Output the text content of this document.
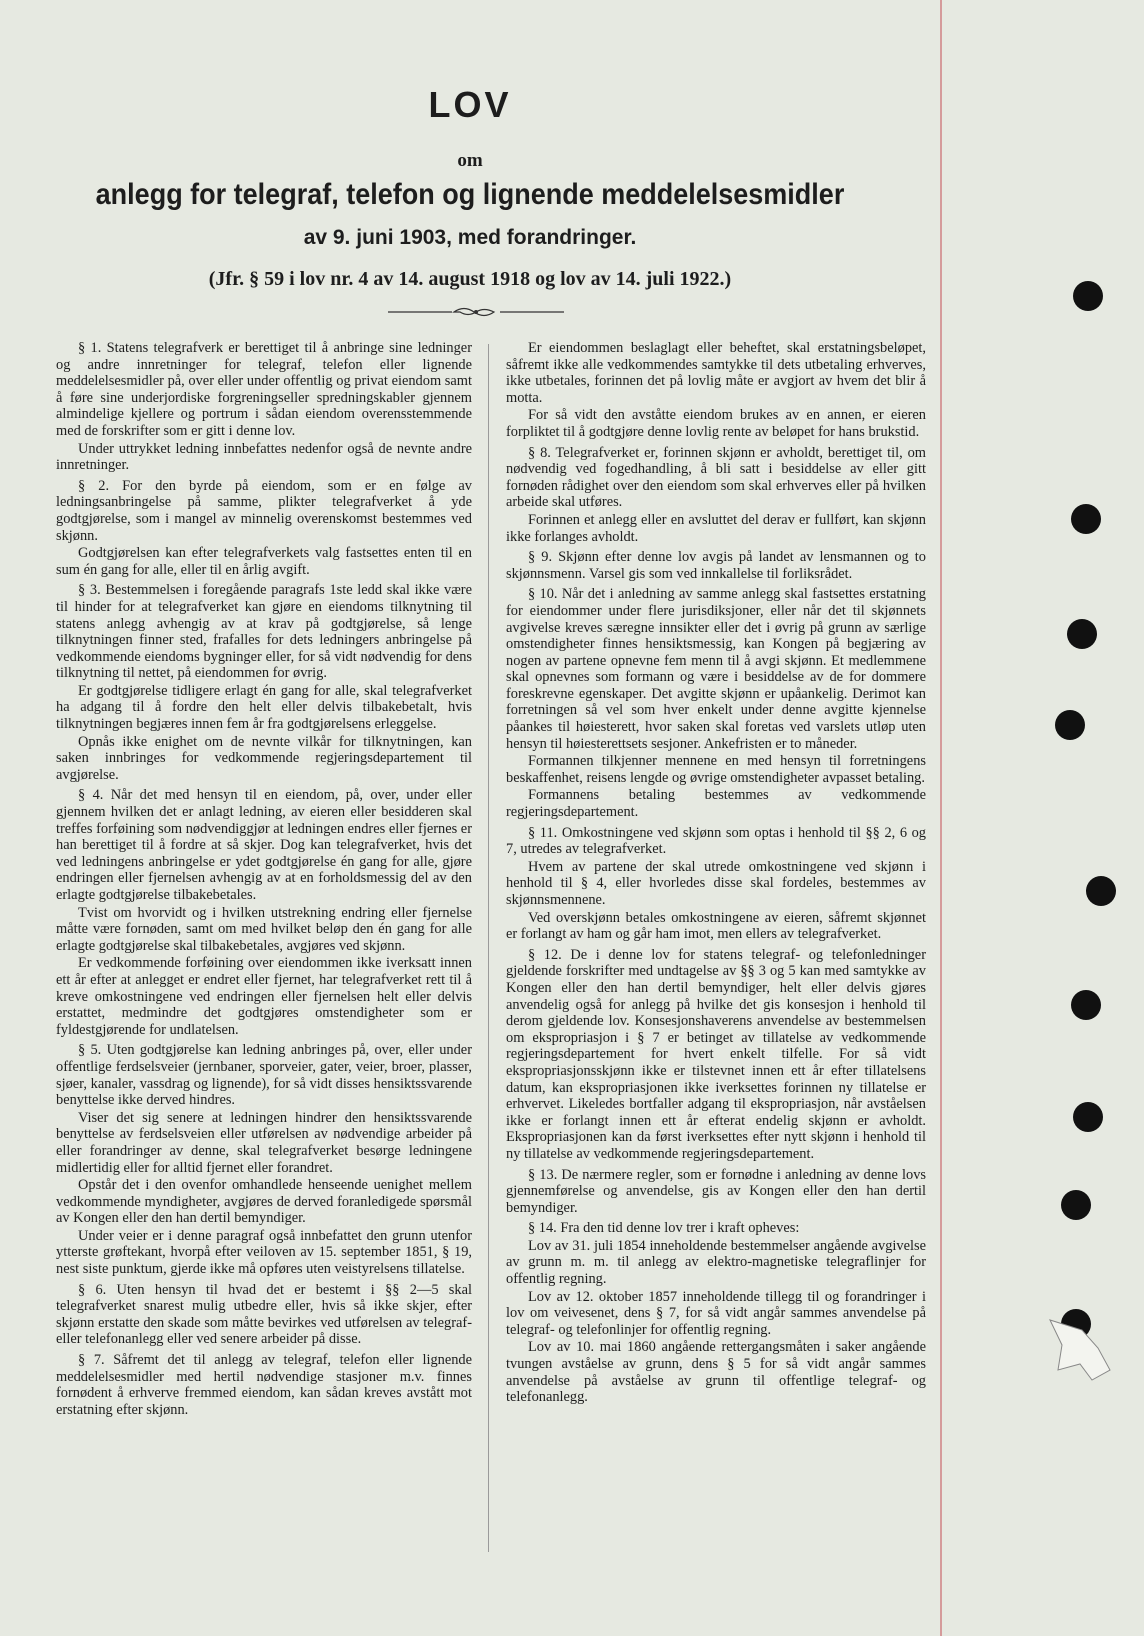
LOV
om
anlegg for telegraf, telefon og lignende meddelelsesmidler
av 9. juni 1903, med forandringer.
(Jfr. § 59 i lov nr. 4 av 14. august 1918 og lov av 14. juli 1922.)

§ 1. Statens telegrafverk er berettiget til å anbringe sine ledninger og andre innretninger for telegraf, telefon eller lignende meddelelsesmidler på, over eller under offentlig og privat eiendom samt å føre sine underjordiske forgreningseller spredningskabler gjennem almindelige kjellere og portrum i sådan eiendom overensstemmende med de forskrifter som er gitt i denne lov.

Under uttrykket ledning innbefattes nedenfor også de nevnte andre innretninger.

§ 2. For den byrde på eiendom, som er en følge av ledningsanbringelse på samme, plikter telegrafverket å yde godtgjørelse, som i mangel av minnelig overenskomst bestemmes ved skjønn.

Godtgjørelsen kan efter telegrafverkets valg fastsettes enten til en sum én gang for alle, eller til en årlig avgift.

§ 3. Bestemmelsen i foregående paragrafs 1ste ledd skal ikke være til hinder for at telegrafverket kan gjøre en eiendoms tilknytning til statens anlegg avhengig av at krav på godtgjørelse, så lenge tilknytningen finner sted, frafalles for dets ledningers anbringelse på vedkommende eiendoms bygninger eller, for så vidt nødvendig for dens tilknytning til nettet, på eiendommen for øvrig.

Er godtgjørelse tidligere erlagt én gang for alle, skal telegrafverket ha adgang til å fordre den helt eller delvis tilbakebetalt, hvis tilknytningen begjæres innen fem år fra godtgjørelsens erleggelse.

Opnås ikke enighet om de nevnte vilkår for tilknytningen, kan saken innbringes for vedkommende regjeringsdepartement til avgjørelse.

§ 4. Når det med hensyn til en eiendom, på, over, under eller gjennem hvilken det er anlagt ledning, av eieren eller besidderen skal treffes forføining som nødvendiggjør at ledningen endres eller fjernes er han berettiget til å fordre at så skjer. Dog kan telegrafverket, hvis det ved ledningens anbringelse er ydet godtgjørelse én gang for alle, gjøre endringen eller fjernelsen avhengig av at en forholdsmessig del av den erlagte godtgjørelse tilbakebetales.

Tvist om hvorvidt og i hvilken utstrekning endring eller fjernelse måtte være fornøden, samt om med hvilket beløp den én gang for alle erlagte godtgjørelse skal tilbakebetales, avgjøres ved skjønn.

Er vedkommende forføining over eiendommen ikke iverksatt innen ett år efter at anlegget er endret eller fjernet, har telegrafverket rett til å kreve omkostningene ved endringen eller fjernelsen helt eller delvis erstattet, medmindre det godtgjøres omstendigheter som er fyldestgjørende for undlatelsen.

§ 5. Uten godtgjørelse kan ledning anbringes på, over, eller under offentlige ferdselsveier (jernbaner, sporveier, gater, veier, broer, plasser, sjøer, kanaler, vassdrag og lignende), for så vidt disses hensiktssvarende benyttelse ikke derved hindres.

Viser det sig senere at ledningen hindrer den hensiktssvarende benyttelse av ferdselsveien eller utførelsen av nødvendige arbeider på eller forandringer av denne, skal telegrafverket besørge ledningene midlertidig eller for alltid fjernet eller forandret.

Opstår det i den ovenfor omhandlede henseende uenighet mellem vedkommende myndigheter, avgjøres de derved foranledigede spørsmål av Kongen eller den han dertil bemyndiger.

Under veier er i denne paragraf også innbefattet den grunn utenfor ytterste grøftekant, hvorpå efter veiloven av 15. september 1851, § 19, nest siste punktum, gjerde ikke må opføres uten veistyrelsens tillatelse.

§ 6. Uten hensyn til hvad det er bestemt i §§ 2—5 skal telegrafverket snarest mulig utbedre eller, hvis så ikke skjer, efter skjønn erstatte den skade som måtte bevirkes ved utførelsen av telegraf- eller telefonanlegg eller ved senere arbeider på disse.

§ 7. Såfremt det til anlegg av telegraf, telefon eller lignende meddelelsesmidler med hertil nødvendige stasjoner m.v. finnes fornødent å erhverve fremmed eiendom, kan sådan kreves avstått mot erstatning efter skjønn.

Er eiendommen beslaglagt eller beheftet, skal erstatningsbeløpet, såfremt ikke alle vedkommendes samtykke til dets utbetaling erhverves, ikke utbetales, forinnen det på lovlig måte er avgjort av hvem det blir å motta.

For så vidt den avståtte eiendom brukes av en annen, er eieren forpliktet til å godtgjøre denne lovlig rente av beløpet for hans brukstid.

§ 8. Telegrafverket er, forinnen skjønn er avholdt, berettiget til, om nødvendig ved fogedhandling, å bli satt i besiddelse av eller gitt fornøden rådighet over den eiendom som skal erhverves eller på hvilken arbeide skal utføres.

Forinnen et anlegg eller en avsluttet del derav er fullført, kan skjønn ikke forlanges avholdt.

§ 9. Skjønn efter denne lov avgis på landet av lensmannen og to skjønnsmenn. Varsel gis som ved innkallelse til forliksrådet.

§ 10. Når det i anledning av samme anlegg skal fastsettes erstatning for eiendommer under flere jurisdiksjoner, eller når det til skjønnets avgivelse kreves særegne innsikter eller det i øvrig på grunn av særlige omstendigheter finnes hensiktsmessig, kan Kongen på begjæring av nogen av partene opnevne fem menn til å avgi skjønn. Et medlemmene skal opnevnes som formann og være i besiddelse av de for dommere foreskrevne egenskaper. Det avgitte skjønn er upåankelig. Derimot kan forretningen så vel som hver enkelt under denne avgitte kjennelse påankes til høiesterett, hvor saken skal foretas ved varslets utløp uten hensyn til høiesterettsets sesjoner. Ankefristen er to måneder.

Formannen tilkjenner mennene en med hensyn til forretningens beskaffenhet, reisens lengde og øvrige omstendigheter avpasset betaling.

Formannens betaling bestemmes av vedkommende regjeringsdepartement.

§ 11. Omkostningene ved skjønn som optas i henhold til §§ 2, 6 og 7, utredes av telegrafverket.

Hvem av partene der skal utrede omkostningene ved skjønn i henhold til § 4, eller hvorledes disse skal fordeles, bestemmes av skjønnsmennene.

Ved overskjønn betales omkostningene av eieren, såfremt skjønnet er forlangt av ham og går ham imot, men ellers av telegrafverket.

§ 12. De i denne lov for statens telegraf- og telefonledninger gjeldende forskrifter med undtagelse av §§ 3 og 5 kan med samtykke av Kongen eller den han dertil bemyndiger, helt eller delvis gjøres anvendelig også for anlegg på hvilke det gis konsesjon i henhold til derom gjeldende lov. Konsesjonshaverens anvendelse av bestemmelsen om ekspropriasjon i § 7 er betinget av tillatelse av vedkommende regjeringsdepartement for hvert enkelt tilfelle. For så vidt ekspropriasjonsskjønn ikke er tilstevnet innen ett år efter tillatelsens datum, kan ekspropriasjonen ikke iverksettes forinnen ny tillatelse er erhvervet. Likeledes bortfaller adgang til ekspropriasjon, når avståelsen ikke er forlangt innen ett år efterat endelig skjønn er avholdt. Ekspropriasjonen kan da først iverksettes efter nytt skjønn i henhold til ny tillatelse av vedkommende regjeringsdepartement.

§ 13. De nærmere regler, som er fornødne i anledning av denne lovs gjennemførelse og anvendelse, gis av Kongen eller den han dertil bemyndiger.

§ 14. Fra den tid denne lov trer i kraft opheves:

Lov av 31. juli 1854 inneholdende bestemmelser angående avgivelse av grunn m. m. til anlegg av elektro-magnetiske telegraflinjer for offentlig regning.

Lov av 12. oktober 1857 inneholdende tillegg til og forandringer i lov om veivesenet, dens § 7, for så vidt angår sammes anvendelse på telegraf- og telefonlinjer for offentlig regning.

Lov av 10. mai 1860 angående rettergangsmåten i saker angående tvungen avståelse av grunn, dens § 5 for så vidt angår sammes anvendelse på avståelse av grunn til offentlige telegraf- og telefonanlegg.
